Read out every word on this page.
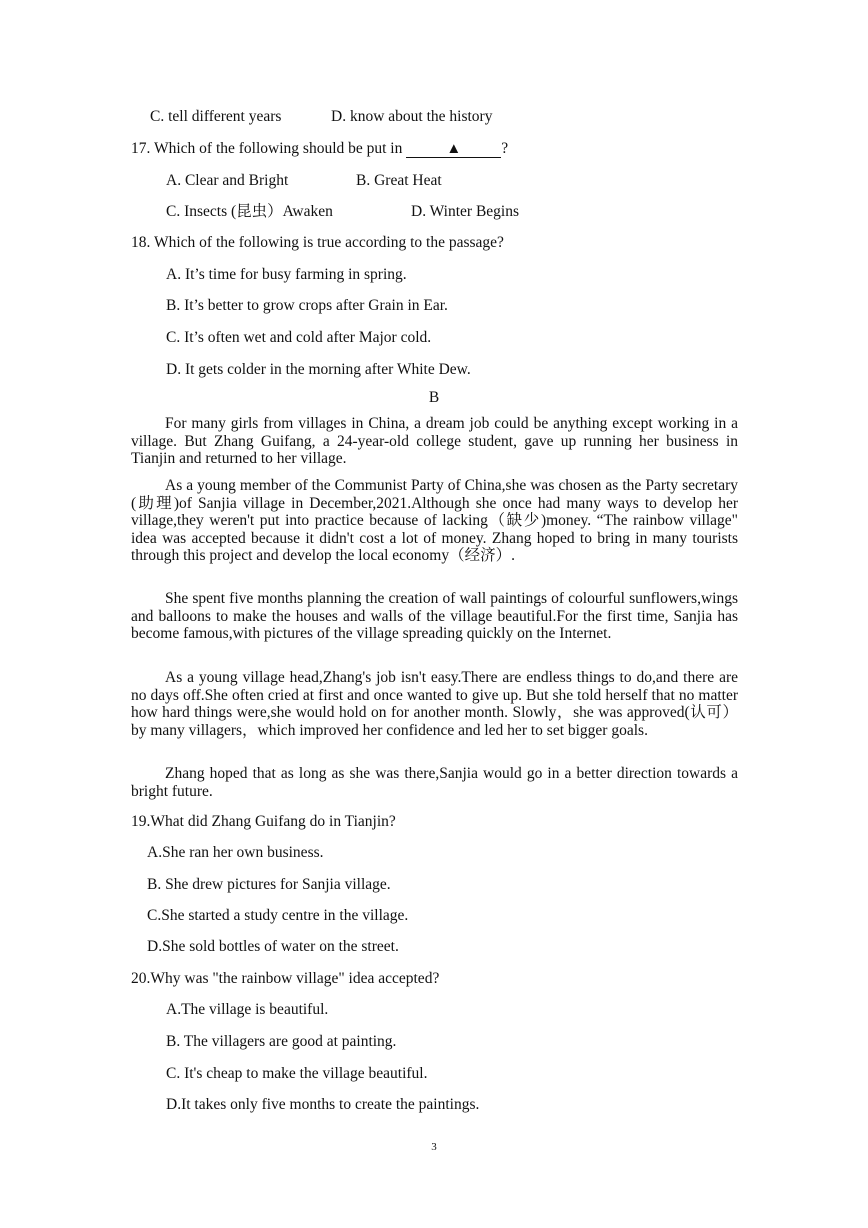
C. tell different years	D. know about the history
17. Which of the following should be put in	▲	?
A. Clear and Bright	B. Great Heat
C. Insects (昆虫）Awaken	D. Winter Begins
18. Which of the following is true according to the passage?
A. It’s time for busy farming in spring.
B. It’s better to grow crops after Grain in Ear.
C. It’s often wet and cold after Major cold.
D. It gets colder in the morning after White Dew.
B
For many girls from villages in China, a dream job could be anything except working in a village. But Zhang Guifang, a 24-year-old college student, gave up running her business in Tianjin and returned to her village.
As a young member of the Communist Party of China,she was chosen as the Party secretary (助理)of Sanjia village in December,2021.Although she once had many ways to develop her village,they weren't put into practice because of lacking（缺少)money. “The rainbow village" idea was accepted because it didn't cost a lot of money. Zhang hoped to bring in many tourists through this project and develop the local economy（经济）.
She spent five months planning the creation of wall paintings of colourful sunflowers,wings and balloons to make the houses and walls of the village beautiful.For the first time, Sanjia has become famous,with pictures of the village spreading quickly on the Internet.
As a young village head,Zhang's job isn't easy.There are endless things to do,and there are no days off.She often cried at first and once wanted to give up. But she told herself that no matter how hard things were,she would hold on for another month. Slowly，she was approved(认可）by many villagers，which improved her confidence and led her to set bigger goals.
Zhang hoped that as long as she was there,Sanjia would go in a better direction towards a bright future.
19.What did Zhang Guifang do in Tianjin?
A.She ran her own business.
B. She drew pictures for Sanjia village.
C.She started a study centre in the village.
D.She sold bottles of water on the street.
20.Why was "the rainbow village" idea accepted?
A.The village is beautiful.
B. The villagers are good at painting.
C. It's cheap to make the village beautiful.
D.It takes only five months to create the paintings.
3
